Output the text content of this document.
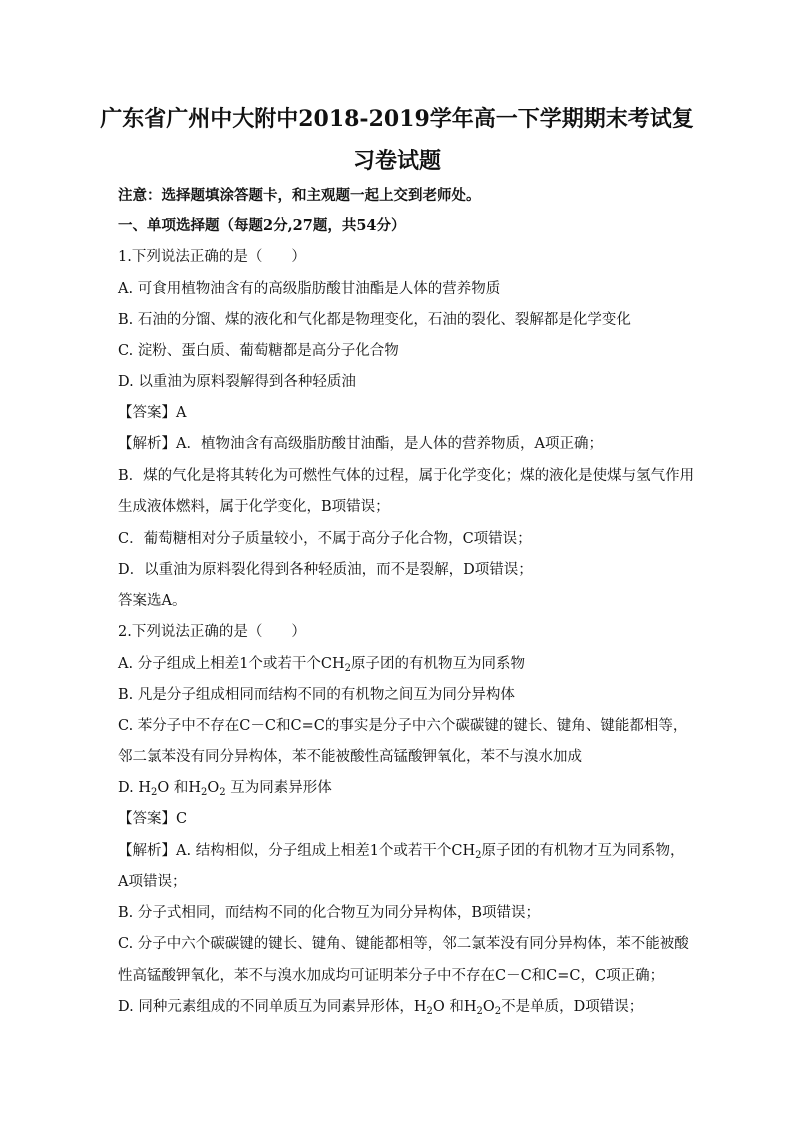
广东省广州中大附中2018-2019学年高一下学期期末考试复
习卷试题
注意：选择题填涂答题卡，和主观题一起上交到老师处。
一、单项选择题（每题2分,27题，共54分）
1.下列说法正确的是（　　）
A. 可食用植物油含有的高级脂肪酸甘油酯是人体的营养物质
B. 石油的分馏、煤的液化和气化都是物理变化，石油的裂化、裂解都是化学变化
C. 淀粉、蛋白质、葡萄糖都是高分子化合物
D. 以重油为原料裂解得到各种轻质油
【答案】A
【解析】A．植物油含有高级脂肪酸甘油酯，是人体的营养物质，A项正确；
B．煤的气化是将其转化为可燃性气体的过程，属于化学变化；煤的液化是使煤与氢气作用
生成液体燃料，属于化学变化，B项错误；
C．葡萄糖相对分子质量较小，不属于高分子化合物，C项错误；
D．以重油为原料裂化得到各种轻质油，而不是裂解，D项错误；
答案选A。
2.下列说法正确的是（　　）
A. 分子组成上相差1个或若干个$CH_2$原子团的有机物互为同系物
B. 凡是分子组成相同而结构不同的有机物之间互为同分异构体
C. 苯分子中不存在C－C和C=C的事实是分子中六个碳碳键的键长、键角、键能都相等，
邻二氯苯没有同分异构体，苯不能被酸性高锰酸钾氧化，苯不与溴水加成
D. $H_2O$ 和$H_2O_2$ 互为同素异形体
【答案】C
【解析】A. 结构相似，分子组成上相差1个或若干个$CH_2$原子团的有机物才互为同系物，
A项错误；
B. 分子式相同，而结构不同的化合物互为同分异构体，B项错误；
C. 分子中六个碳碳键的键长、键角、键能都相等，邻二氯苯没有同分异构体，苯不能被酸
性高锰酸钾氧化，苯不与溴水加成均可证明苯分子中不存在C－C和C=C，C项正确；
D. 同种元素组成的不同单质互为同素异形体，$H_2O$ 和$H_2O_2$不是单质，D项错误；
